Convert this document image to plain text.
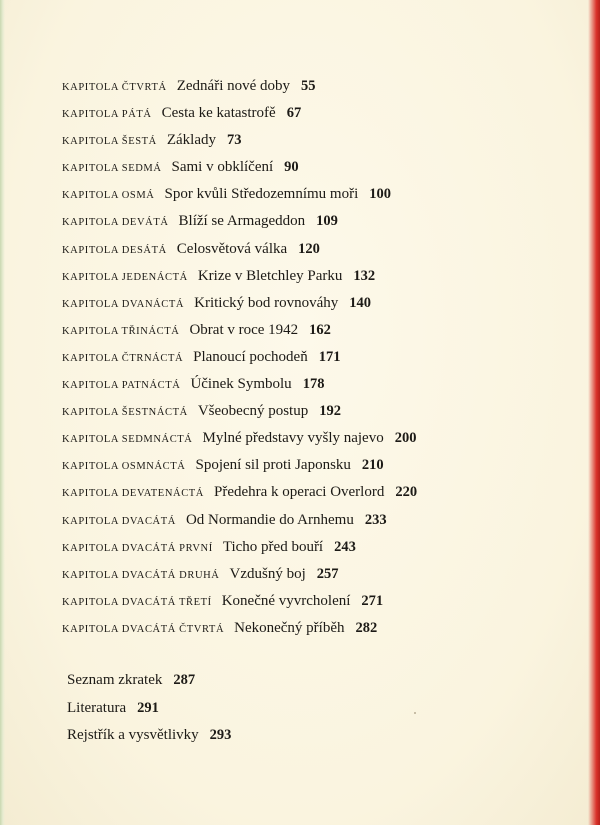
KAPITOLA ČTVRTÁ Zednáři nové doby 55
KAPITOLA PÁTÁ Cesta ke katastrofě 67
KAPITOLA ŠESTÁ Základy 73
KAPITOLA SEDMÁ Sami v obklíčení 90
KAPITOLA OSMÁ Spor kvůli Středozemnímu moři 100
KAPITOLA DEVÁTÁ Blíží se Armageddon 109
KAPITOLA DESÁTÁ Celosvětová válka 120
KAPITOLA JEDENÁCTÁ Krize v Bletchley Parku 132
KAPITOLA DVANÁCTÁ Kritický bod rovnováhy 140
KAPITOLA TŘINÁCTÁ Obrat v roce 1942 162
KAPITOLA ČTRNÁCTÁ Planoucí pochodeň 171
KAPITOLA PATNÁCTÁ Účinek Symbolu 178
KAPITOLA ŠESTNÁCTÁ Všeobecný postup 192
KAPITOLA SEDMNÁCTÁ Mylné představy vyšly najevo 200
KAPITOLA OSMNÁCTÁ Spojení sil proti Japonsku 210
KAPITOLA DEVATENÁCTÁ Předehra k operaci Overlord 220
KAPITOLA DVACÁTÁ Od Normandie do Arnhemu 233
KAPITOLA DVACÁTÁ PRVNÍ Ticho před bouří 243
KAPITOLA DVACÁTÁ DRUHÁ Vzdušný boj 257
KAPITOLA DVACÁTÁ TŘETÍ Konečné vyvrcholení 271
KAPITOLA DVACÁTÁ ČTVRTÁ Nekonečný příběh 282
Seznam zkratek 287
Literatura 291
Rejstřík a vysvětlivky 293
